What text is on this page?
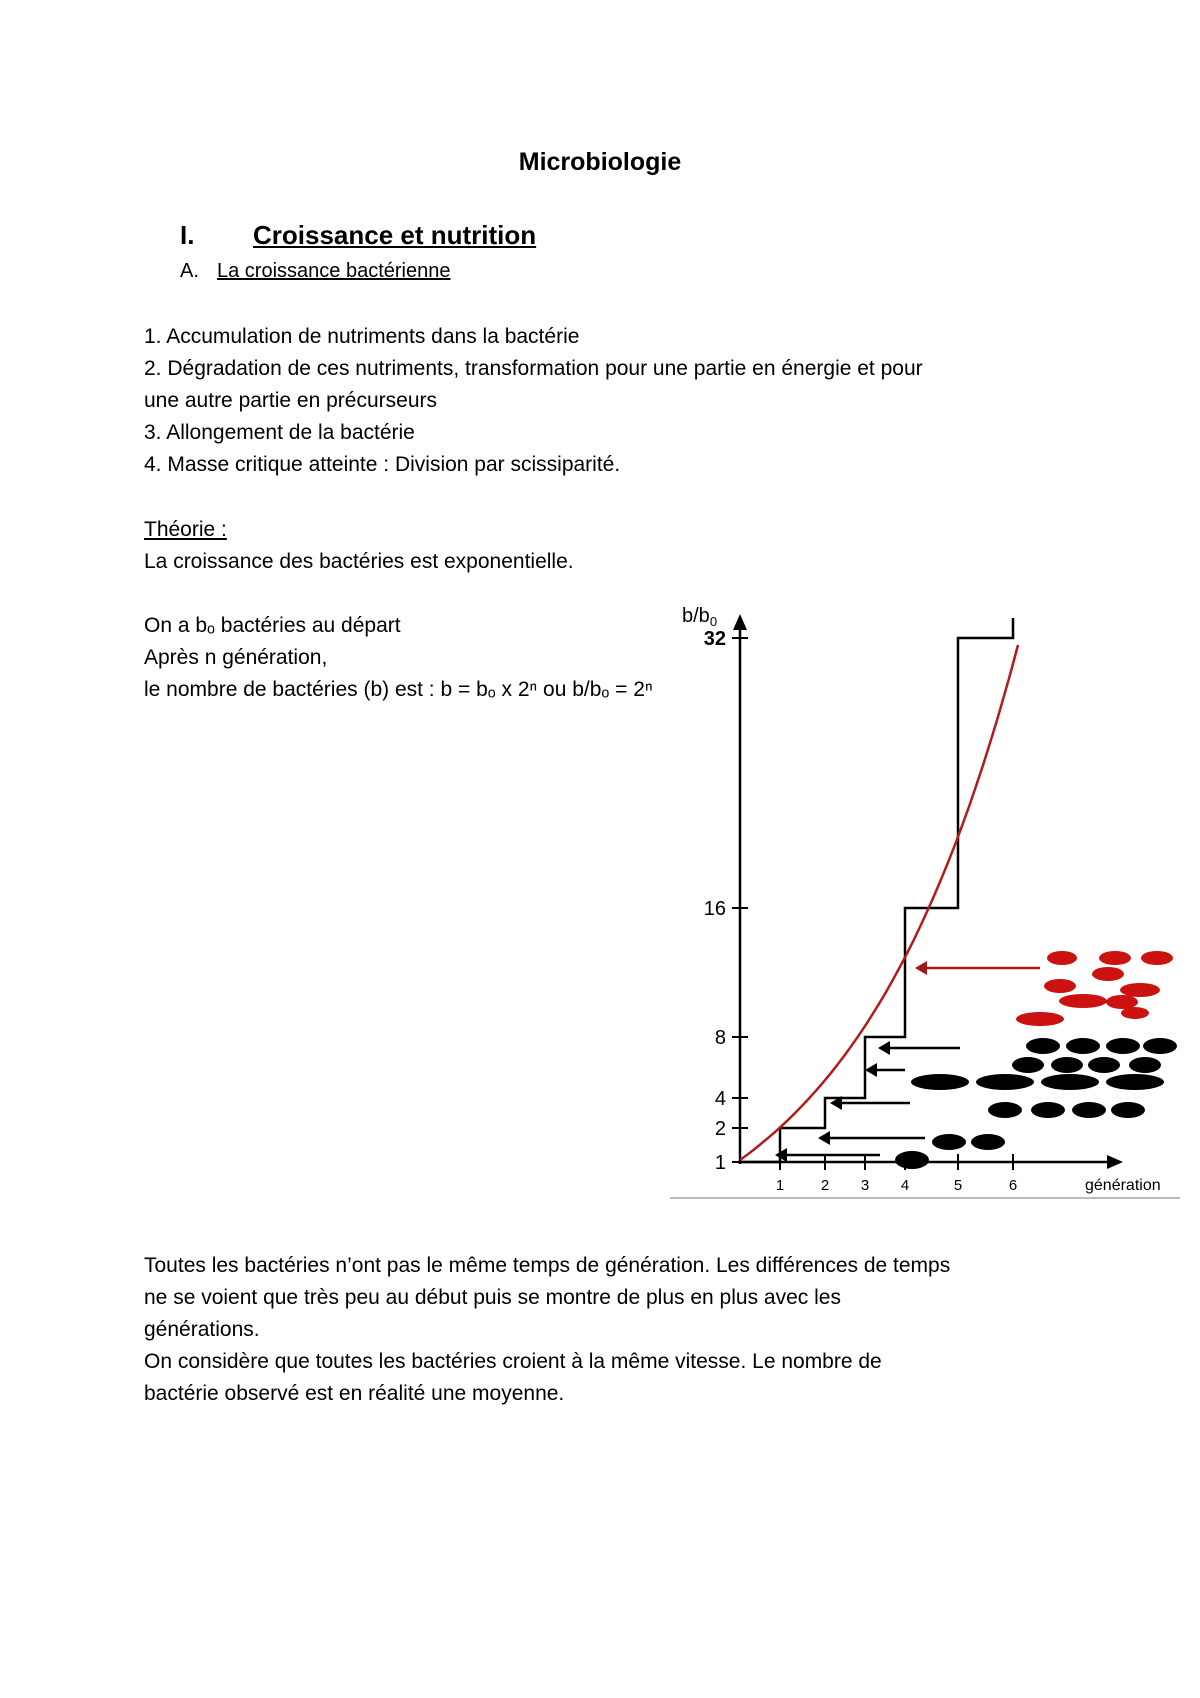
Microbiologie
I. Croissance et nutrition
A. La croissance bactérienne
1. Accumulation de nutriments dans la bactérie
2. Dégradation de ces nutriments, transformation pour une partie en énergie et pour
une autre partie en précurseurs
3. Allongement de la bactérie
4. Masse critique atteinte : Division par scissiparité.
Théorie :
La croissance des bactéries est exponentielle.
On a bₒ bactéries au départ
Après n génération,
le nombre de bactéries (b) est : b = bₒ x 2ⁿ ou b/bₒ = 2ⁿ
$b/b_0$
génération
1
2
4
8
16
32
1 2 3 4	5	6
Toutes les bactéries n’ont pas le même temps de génération. Les différences de temps
ne se voient que très peu au début puis se montre de plus en plus avec les
générations.
On considère que toutes les bactéries croient à la même vitesse. Le nombre de
bactérie observé est en réalité une moyenne.
